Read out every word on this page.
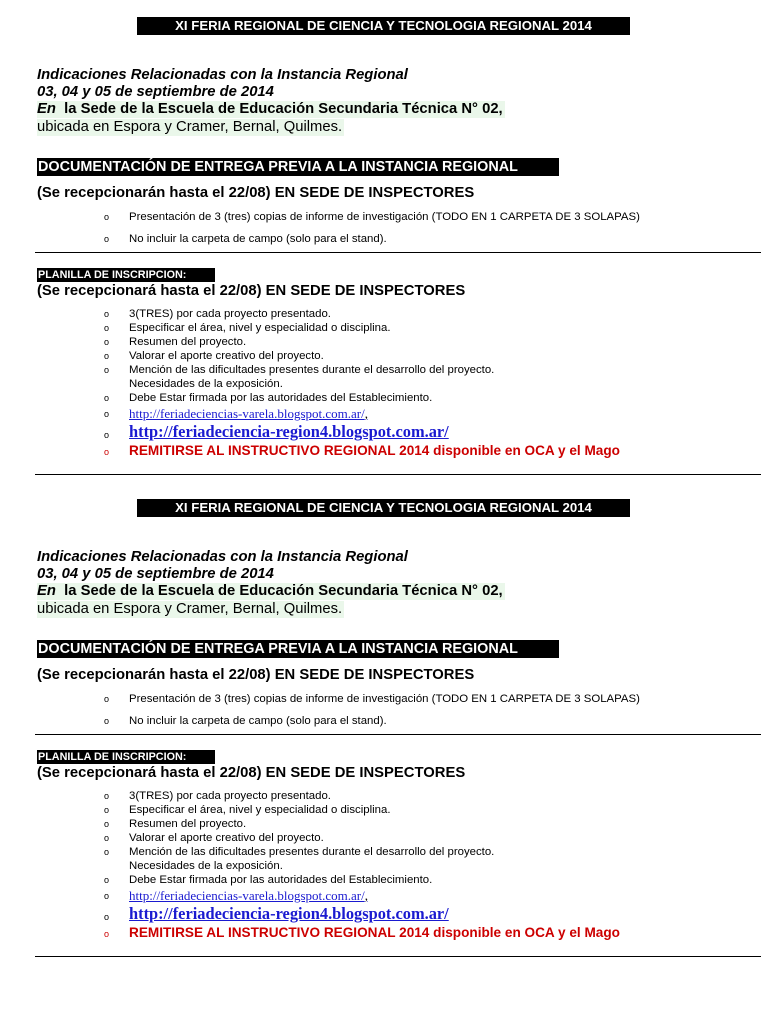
XI FERIA REGIONAL DE CIENCIA Y TECNOLOGIA REGIONAL 2014
Indicaciones Relacionadas con la Instancia Regional
03, 04 y 05 de septiembre de 2014
En la Sede de la Escuela de Educación Secundaria Técnica N° 02,
ubicada en Espora y Cramer, Bernal, Quilmes.
DOCUMENTACIÓN DE ENTREGA PREVIA A LA INSTANCIA REGIONAL
(Se recepcionarán hasta el 22/08) EN SEDE DE INSPECTORES
o Presentación de 3 (tres) copias de informe de investigación (TODO EN 1 CARPETA DE 3 SOLAPAS)
o No incluir la carpeta de campo (solo para el stand).
PLANILLA DE INSCRIPCION:
(Se recepcionará hasta el 22/08) EN SEDE DE INSPECTORES
o 3(TRES) por cada proyecto presentado.
o Especificar el área, nivel y especialidad o disciplina.
o Resumen del proyecto.
o Valorar el aporte creativo del proyecto.
o Mención de las dificultades presentes durante el desarrollo del proyecto.
Necesidades de la exposición.
o Debe Estar firmada por las autoridades del Establecimiento.
o http://feriadeciencias-varela.blogspot.com.ar/,
o http://feriadeciencia-region4.blogspot.com.ar/
o REMITIRSE AL INSTRUCTIVO REGIONAL 2014 disponible en OCA y el Mago
XI FERIA REGIONAL DE CIENCIA Y TECNOLOGIA REGIONAL 2014
Indicaciones Relacionadas con la Instancia Regional
03, 04 y 05 de septiembre de 2014
En la Sede de la Escuela de Educación Secundaria Técnica N° 02,
ubicada en Espora y Cramer, Bernal, Quilmes.
DOCUMENTACIÓN DE ENTREGA PREVIA A LA INSTANCIA REGIONAL
(Se recepcionarán hasta el 22/08) EN SEDE DE INSPECTORES
o Presentación de 3 (tres) copias de informe de investigación (TODO EN 1 CARPETA DE 3 SOLAPAS)
o No incluir la carpeta de campo (solo para el stand).
PLANILLA DE INSCRIPCION:
(Se recepcionará hasta el 22/08) EN SEDE DE INSPECTORES
o 3(TRES) por cada proyecto presentado.
o Especificar el área, nivel y especialidad o disciplina.
o Resumen del proyecto.
o Valorar el aporte creativo del proyecto.
o Mención de las dificultades presentes durante el desarrollo del proyecto.
Necesidades de la exposición.
o Debe Estar firmada por las autoridades del Establecimiento.
o http://feriadeciencias-varela.blogspot.com.ar/,
o http://feriadeciencia-region4.blogspot.com.ar/
o REMITIRSE AL INSTRUCTIVO REGIONAL 2014 disponible en OCA y el Mago
